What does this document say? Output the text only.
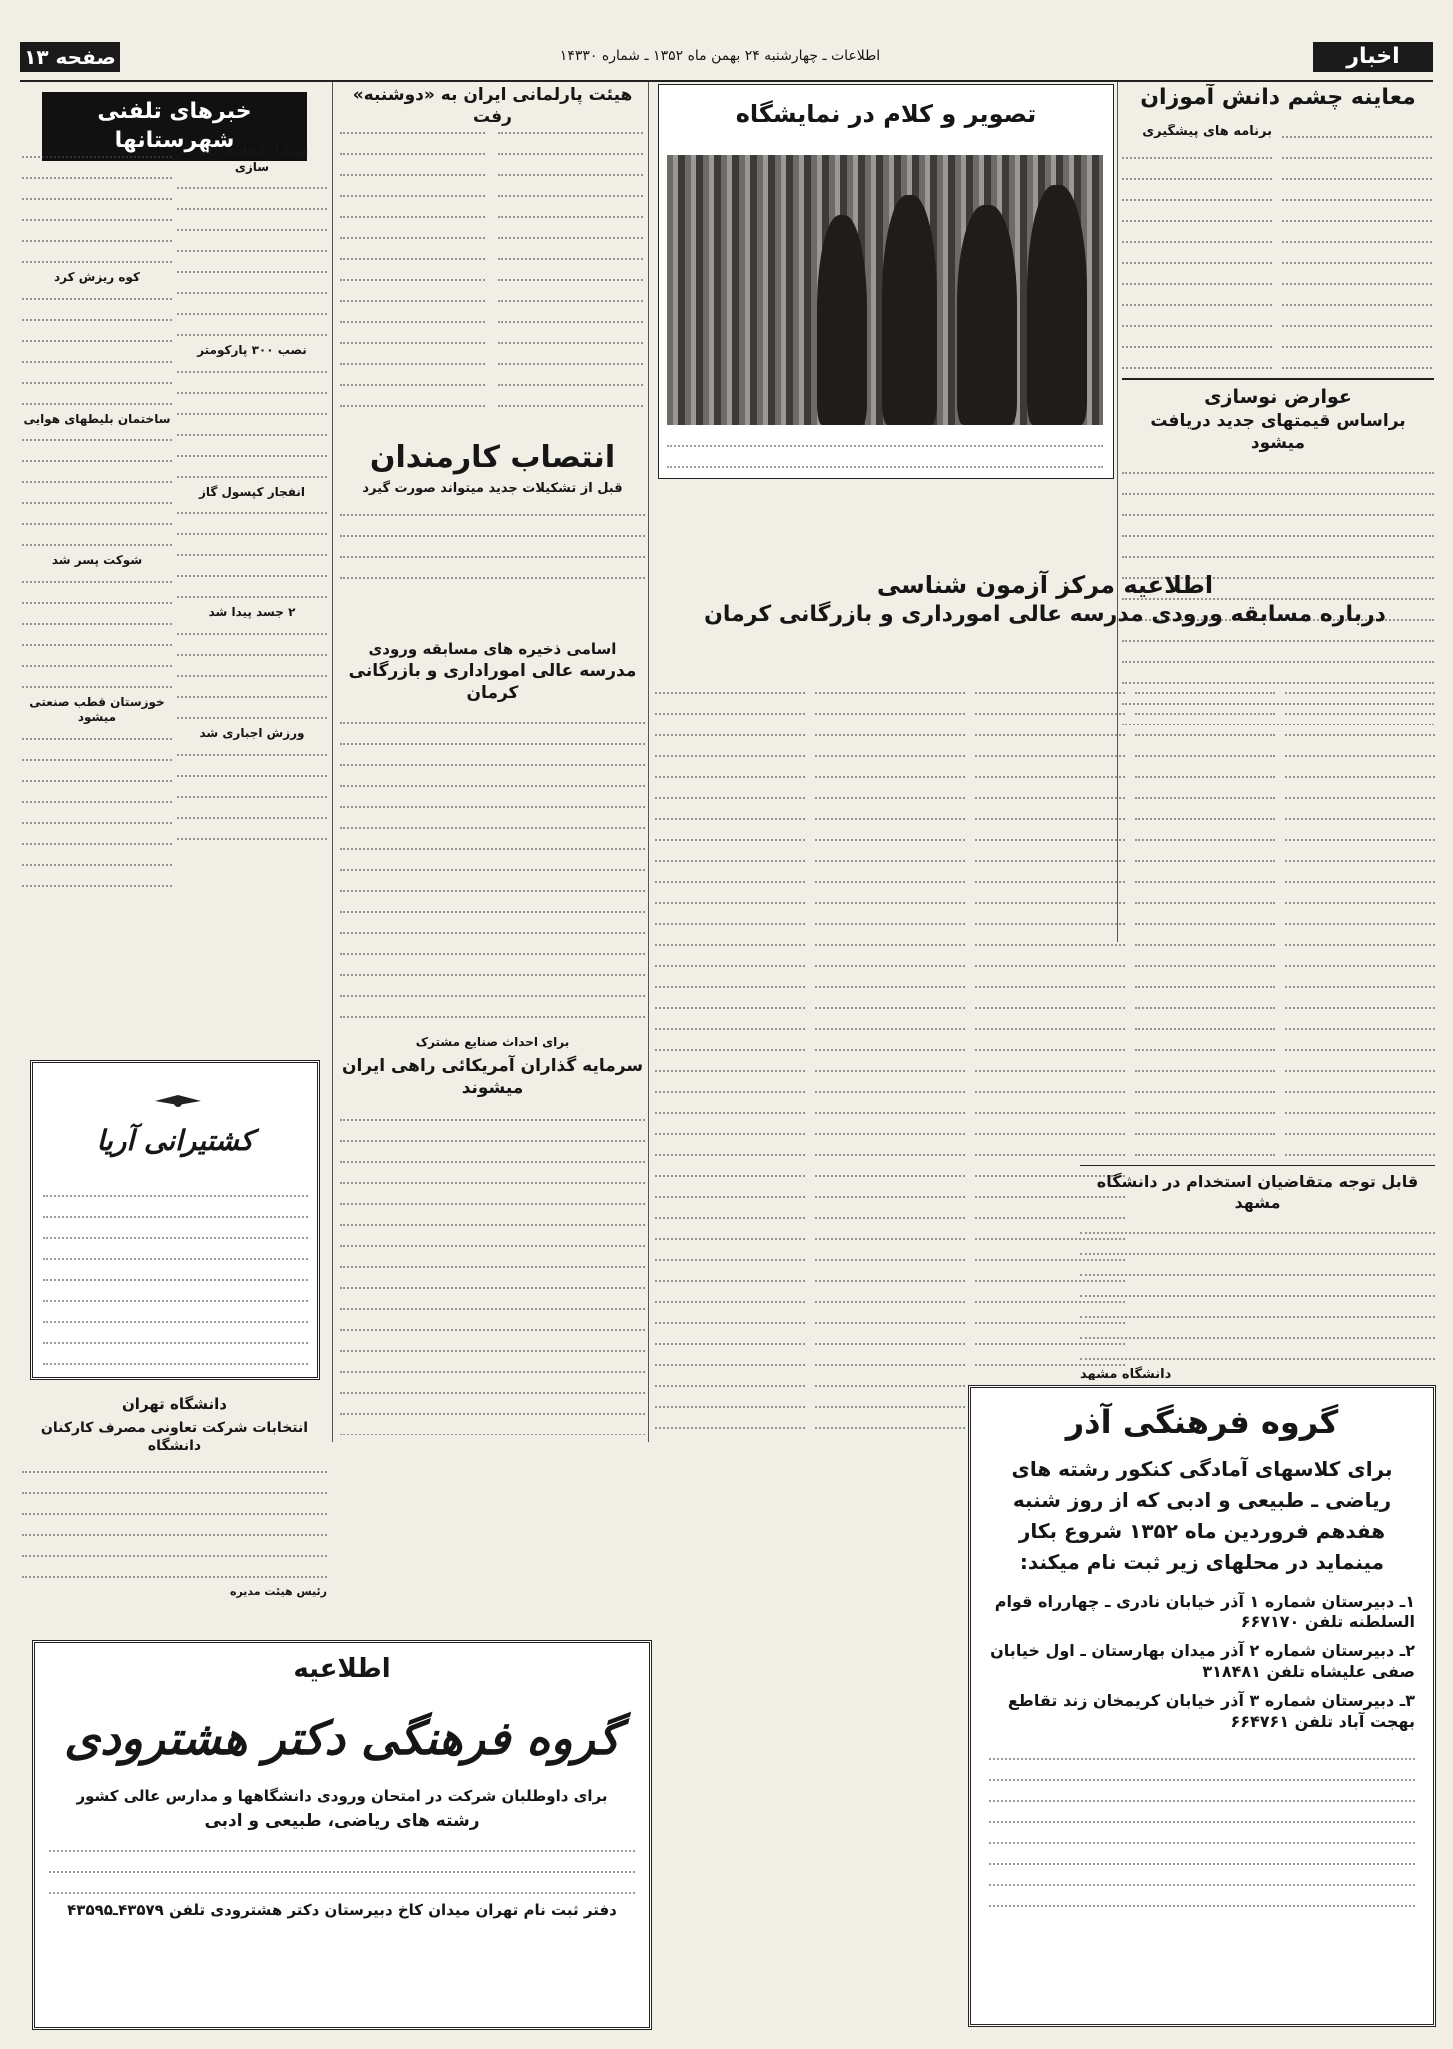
صفحه ۱۳	اطلاعات ـ چهارشنبه ۲۴ بهمن ماه ۱۳۵۲ ـ شماره ۱۴۳۳۰	اخبار
معاینه چشم دانش آموزان
برنامه های پیشگیری
عوارض نوسازی
براساس قیمتهای جدید دریافت میشود
تصویر و کلام در نمایشگاه
هیئت پارلمانی ایران به «دوشنبه» رفت
انتصاب کارمندان
قبل از تشکیلات جدید میتواند صورت گیرد
برای احداث صنایع مشترک
سرمایه گذاران آمریکائی راهی ایران میشوند
خبرهای تلفنی شهرستانها
کوه ریزش کرد
ساختمان بلیطهای هوایی
شوکت پسر شد
خوزستان قطب صنعتی میشود
تشکیل اتحادیه خانه سازی
نصب ۳۰۰ پارکومتر
انفجار کپسول گاز
۲ جسد پیدا شد
ورزش اجباری شد
کشتیرانی آریا
دانشگاه تهران
انتخابات شرکت تعاونی مصرف کارکنان دانشگاه
رئیس هیئت مدیره
اطلاعیه مرکز آزمون شناسی
درباره مسابقه ورودی مدرسه عالی امورداری و بازرگانی کرمان
اسامی ذخیره های مسابقه ورودی
مدرسه عالی اموراداری و بازرگانی کرمان
قابل توجه متقاضیان استخدام در دانشگاه مشهد
دانشگاه مشهد
گروه فرهنگی آذر
برای کلاسهای آمادگی کنکور رشته های ریاضی ـ طبیعی و ادبی که از روز شنبه هفدهم فروردین ماه ۱۳۵۲ شروع بکار مینماید در محلهای زیر ثبت نام میکند:
۱ـ دبیرستان شماره ۱ آذر خیابان نادری ـ چهارراه قوام السلطنه تلفن ۶۶۷۱۷۰
۲ـ دبیرستان شماره ۲ آذر میدان بهارستان ـ اول خیابان صفی علیشاه تلفن ۳۱۸۴۸۱
۳ـ دبیرستان شماره ۳ آذر خیابان کریمخان زند تقاطع بهجت آباد تلفن ۶۶۴۷۶۱
اطلاعیه
گروه فرهنگی دکتر هشترودی
برای داوطلبان شرکت در امتحان ورودی دانشگاهها و مدارس عالی کشور
رشته های ریاضی، طبیعی و ادبی
دفتر ثبت نام تهران میدان کاخ دبیرستان دکتر هشترودی تلفن ۴۳۵۷۹ـ۴۳۵۹۵
